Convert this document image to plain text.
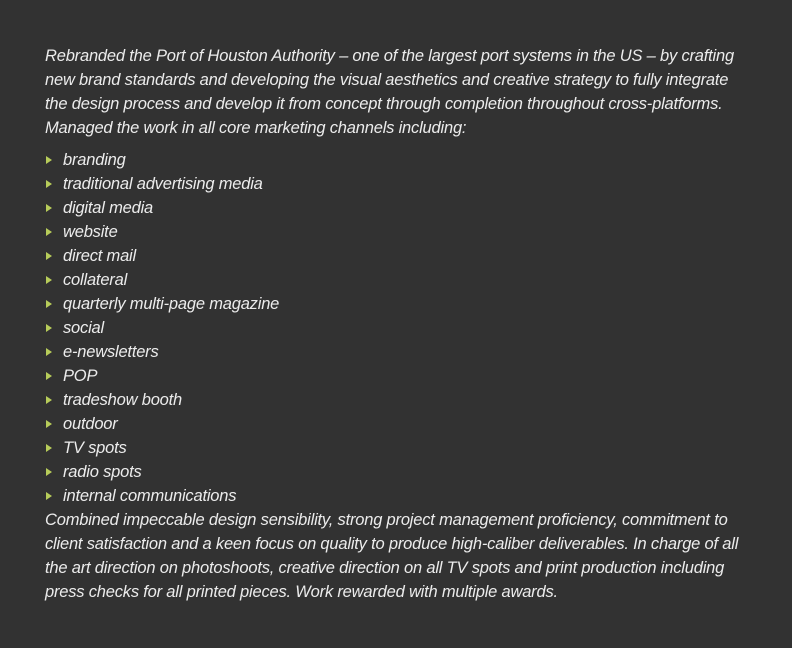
Rebranded the Port of Houston Authority – one of the largest port systems in the US – by crafting new brand standards and developing the visual aesthetics and creative strategy to fully integrate the design process and develop it from concept through completion throughout cross-platforms. Managed the work in all core marketing channels including:

branding
traditional advertising media
digital media
website
direct mail
collateral
quarterly multi-page magazine
social
e-newsletters
POP
tradeshow booth
outdoor
TV spots
radio spots
internal communications

Combined impeccable design sensibility, strong project management proficiency, commitment to client satisfaction and a keen focus on quality to produce high-caliber deliverables. In charge of all the art direction on photoshoots, creative direction on all TV spots and print production including press checks for all printed pieces. Work rewarded with multiple awards.
